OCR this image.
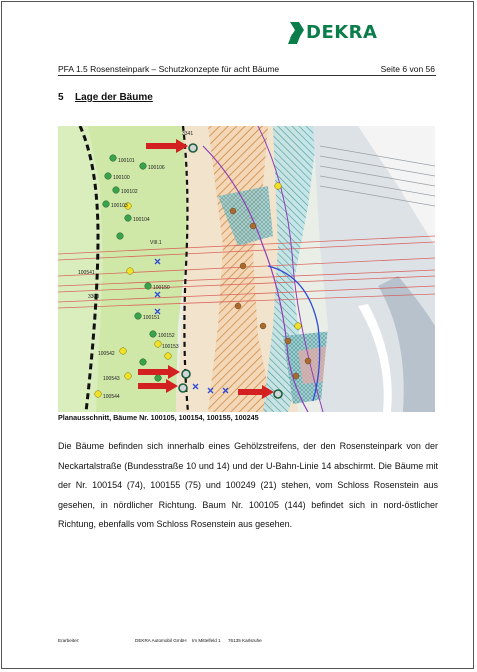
DEKRA
PFA 1.5 Rosensteinpark – Schutzkonzepte für acht Bäume	Seite 6 von 56
5 Lage der Bäume
3341
100101
100100
100102
100103
100104
100106
100150
100151
100152
100153
100541
100542
100543
100544
3300
VIII.1
Planausschnitt, Bäume Nr. 100105, 100154, 100155, 100245
Die Bäume befinden sich innerhalb eines Gehölzstreifens, der den Rosensteinpark von der Neckartalstraße (Bundesstraße 10 und 14) und der U-Bahn-Linie 14 abschirmt. Die Bäume mit der Nr. 100154 (74), 100155 (75) und 100249 (21) stehen, vom Schloss Rosenstein aus gesehen, in nördlicher Richtung. Baum Nr. 100105 (144) befindet sich in nord-östlicher Richtung, ebenfalls vom Schloss Rosenstein aus gesehen.
Erarbeiter:	DEKRA Automobil GmbH Im Mittelfeld 1 76135 Karlsruhe
